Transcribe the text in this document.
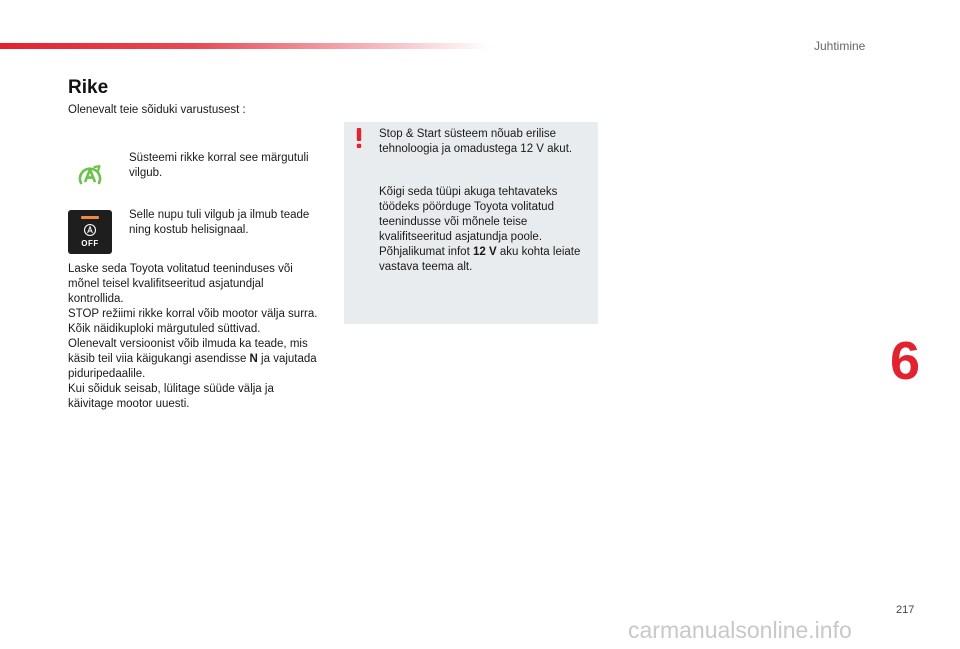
Juhtimine
Rike
Olenevalt teie sõiduki varustusest :
Süsteemi rikke korral see märgutuli vilgub.
OFF
Selle nupu tuli vilgub ja ilmub teade ning kostub helisignaal.

Laske seda Toyota volitatud teeninduses või mõnel teisel kvalifitseeritud asjatundjal kontrollida.

STOP režiimi rikke korral võib mootor välja surra.

Kõik näidikuploki märgutuled süttivad.

Olenevalt versioonist võib ilmuda ka teade, mis käsib teil viia käigukangi asendisse N ja vajutada piduripedaalile.

Kui sõiduk seisab, lülitage süüde välja ja käivitage mootor uuesti.

Stop & Start süsteem nõuab erilise tehnoloogia ja omadustega 12 V akut.

Kõigi seda tüüpi akuga tehtavateks töödeks pöörduge Toyota volitatud teenindusse või mõnele teise kvalifitseeritud asjatundja poole. Põhjalikumat infot 12 V aku kohta leiate vastava teema alt.

6
217
carmanualsonline.info
